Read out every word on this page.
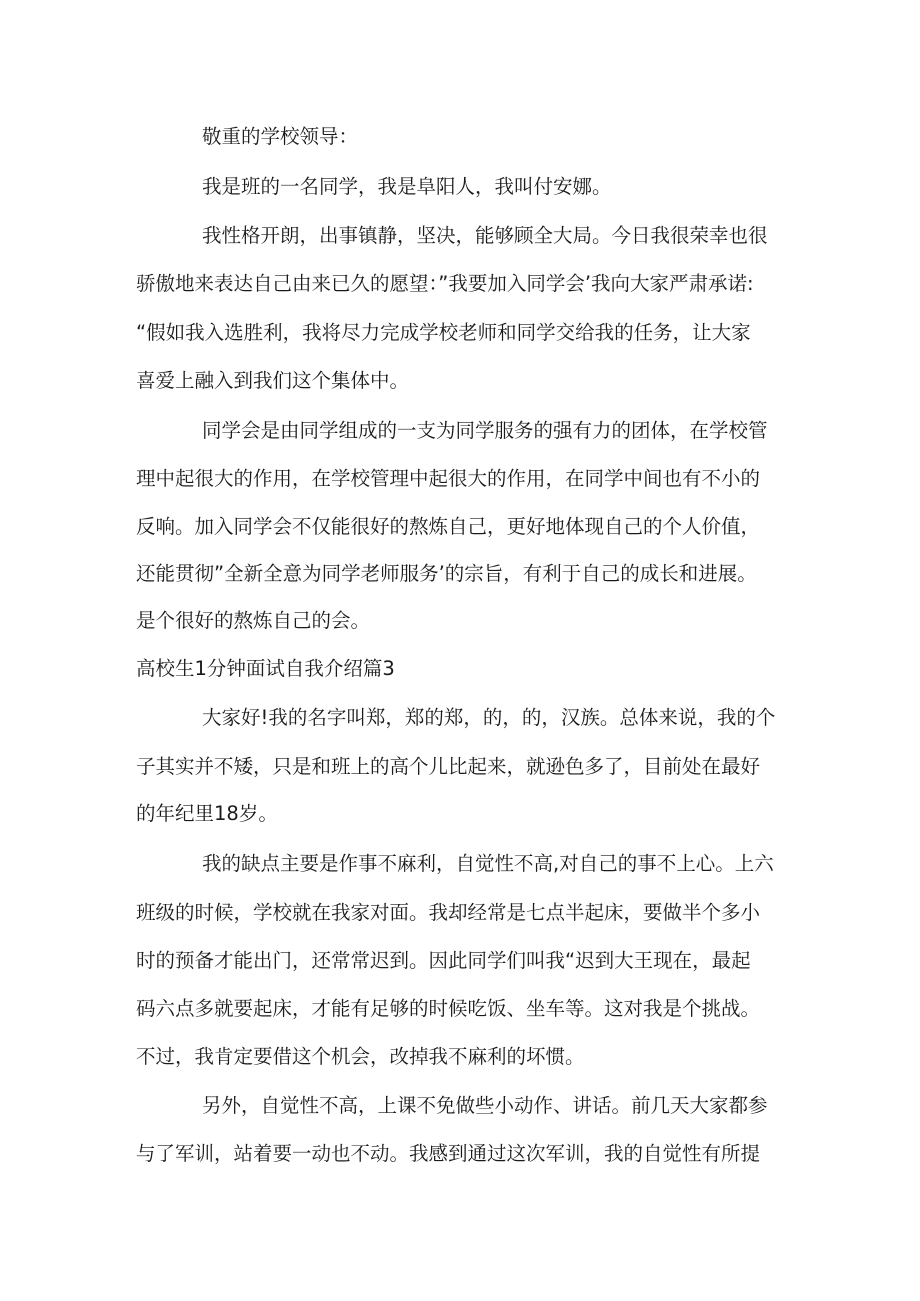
敬重的学校领导：
我是班的一名同学，我是阜阳人，我叫付安娜。
我性格开朗，出事镇静，坚决，能够顾全大局。今日我很荣幸也很
骄傲地来表达自己由来已久的愿望：”我要加入同学会’我向大家严肃承诺:
“假如我入选胜利，我将尽力完成学校老师和同学交给我的任务，让大家
喜爱上融入到我们这个集体中。
同学会是由同学组成的一支为同学服务的强有力的团体，在学校管
理中起很大的作用，在学校管理中起很大的作用，在同学中间也有不小的
反响。加入同学会不仅能很好的熬炼自己，更好地体现自己的个人价值，
还能贯彻”全新全意为同学老师服务’的宗旨，有利于自己的成长和进展。
是个很好的熬炼自己的会。
高校生1分钟面试自我介绍篇3
大家好!我的名字叫郑，郑的郑，的，的，汉族。总体来说，我的个
子其实并不矮，只是和班上的高个儿比起来，就逊色多了，目前处在最好
的年纪里18岁。
我的缺点主要是作事不麻利，自觉性不高,对自己的事不上心。上六
班级的时候，学校就在我家对面。我却经常是七点半起床，要做半个多小
时的预备才能出门，还常常迟到。因此同学们叫我“迟到大王现在，最起
码六点多就要起床，才能有足够的时候吃饭、坐车等。这对我是个挑战。
不过，我肯定要借这个机会，改掉我不麻利的坏惯。
另外，自觉性不高，上课不免做些小动作、讲话。前几天大家都参
与了军训，站着要一动也不动。我感到通过这次军训，我的自觉性有所提
